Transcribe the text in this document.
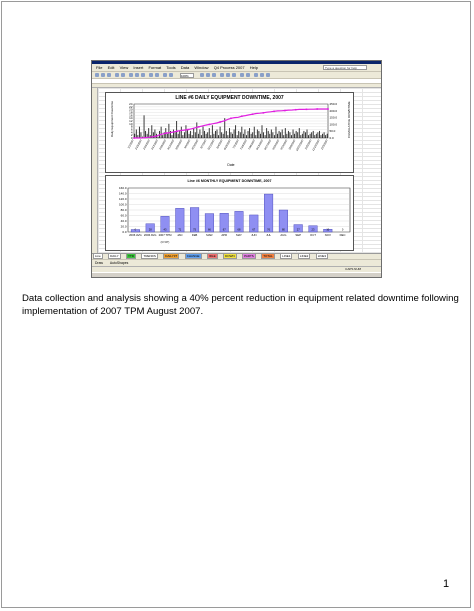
File Edit View Insert Format Tools Data Window Q4 Process 2007 Help	Type a question for help
100%
LINE #6 DAILY EQUIPMENT DOWNTIME, 2007
0
2
4
6
8
10
12
14
16
18
20
22
24
0.0
50.0
100.0
150.0
200.0
250.0
1/1/2007 1/15/2007 1/29/2007 2/12/2007 2/26/2007 3/12/2007 3/26/2007 4/9/2007 4/23/2007 5/7/2007 5/21/2007 6/4/2007 6/18/2007 7/2/2007 7/16/2007 7/30/2007 8/13/2007 8/27/2007 9/10/2007 9/24/2007 10/8/2007
10/22/2007 11/5/2007 11/19/2007 12/3/2007
Date
Daily Equipment Downtime	CUMULATIVE DOWNTIME
Line #6 MONTHLY EQUIPMENT DOWNTIME, 2007
0.0
20.0
40.0
60.0
80.0
100.0
120.0
140.0
160.0
0
2006 AVG
28
2006 AVG
43
2007 TPM
(CY-DT)
71
JAN
75
FEB
66
MAR
67
APR
68
MAY
67
JUN
76
JUL
80
AUG
27
SEP
23
OCT
10
NOV
0
DEC
Line	DAILY	YTD	TRENDS	DAILY3T	CHANGE	IDLE	DOWN	PARTS	TOTAL	LINE1	LINE2	LINE3
Draw AutoShapes
CAPS NUM
Data collection and analysis showing a 40% percent reduction in equipment related downtime following implementation of 2007 TPM August 2007.
1
